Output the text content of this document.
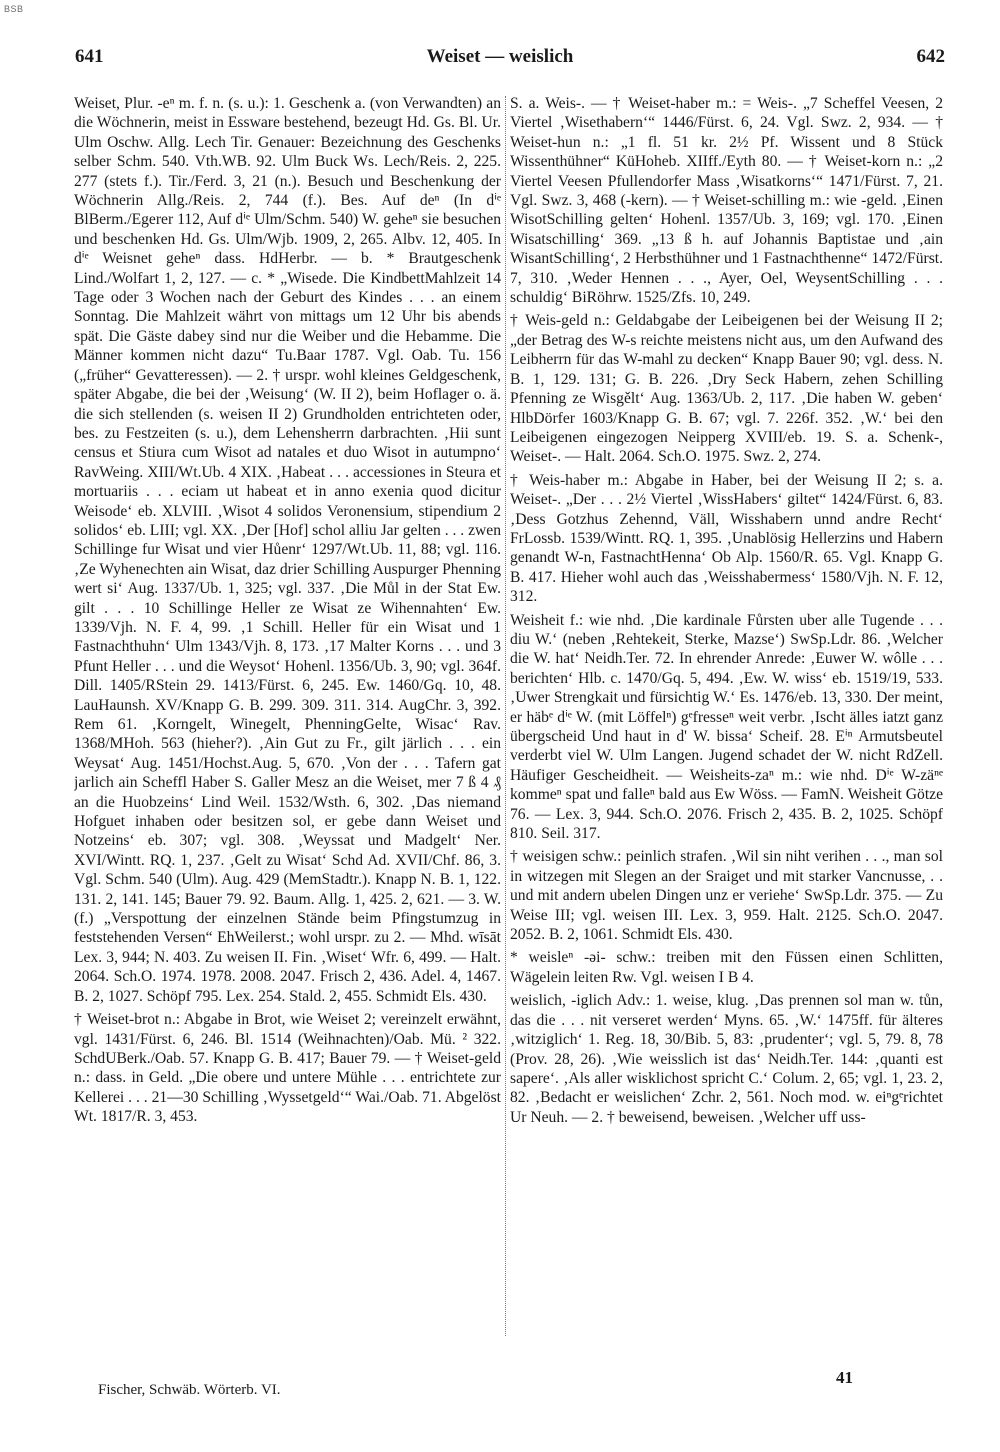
BSB
641	Weiset — weislich	642

Weiset, Plur. -eⁿ m. f. n. (s. u.): 1. Geschenk a. (von Verwandten) an die Wöchnerin, meist in Essware bestehend, bezeugt Hd. Gs. Bl. Ur. Ulm Oschw. Allg. Lech Tir. Genauer: Bezeichnung des Geschenks selber Schm. 540. Vth.WB. 92. Ulm Buck Ws. Lech/Reis. 2, 225. 277 (stets f.). Tir./Ferd. 3, 21 (n.). Besuch und Beschenkung der Wöchnerin Allg./Reis. 2, 744 (f.). Bes. Auf deⁿ (In dⁱᵉ BlBerm./Egerer 112, Auf dⁱᵉ Ulm/Schm. 540) W. geheⁿ sie besuchen und beschenken Hd. Gs. Ulm/Wjb. 1909, 2, 265. Albv. 12, 405. In dⁱᵉ Weisnet geheⁿ dass. HdHerbr. — b. * Brautgeschenk Lind./Wolfart 1, 2, 127. — c. * „Wisede. Die KindbettMahlzeit 14 Tage oder 3 Wochen nach der Geburt des Kindes . . . an einem Sonntag. Die Mahlzeit währt von mittags um 12 Uhr bis abends spät. Die Gäste dabey sind nur die Weiber und die Hebamme. Die Männer kommen nicht dazu“ Tu.Baar 1787. Vgl. Oab. Tu. 156 („früher“ Gevatteressen). — 2. † urspr. wohl kleines Geldgeschenk, später Abgabe, die bei der ‚Weisung‘ (W. II 2), beim Hoflager o. ä. die sich stellenden (s. weisen II 2) Grundholden entrichteten oder, bes. zu Festzeiten (s. u.), dem Lehensherrn darbrachten. ‚Hii sunt census et Stiura cum Wisot ad natales et duo Wisot in autumpno‘ RavWeing. XIII/Wt.Ub. 4 XIX. ‚Habeat . . . accessiones in Steura et mortuariis . . . eciam ut habeat et in anno exenia quod dicitur Weisode‘ eb. XLVIII. ‚Wisot 4 solidos Veronensium, stipendium 2 solidos‘ eb. LIII; vgl. XX. ‚Der [Hof] schol alliu Jar gelten . . . zwen Schillinge fur Wisat und vier Hůenr‘ 1297/Wt.Ub. 11, 88; vgl. 116. ‚Ze Wyhenechten ain Wisat, daz drier Schilling Auspurger Phenning wert si‘ Aug. 1337/Ub. 1, 325; vgl. 337. ‚Die Můl in der Stat Ew. gilt . . . 10 Schillinge Heller ze Wisat ze Wihennahten‘ Ew. 1339/Vjh. N. F. 4, 99. ‚1 Schill. Heller für ein Wisat und 1 Fastnachthuhn‘ Ulm 1343/Vjh. 8, 173. ‚17 Malter Korns . . . und 3 Pfunt Heller . . . und die Weysot‘ Hohenl. 1356/Ub. 3, 90; vgl. 364f. Dill. 1405/RStein 29. 1413/Fürst. 6, 245. Ew. 1460/Gq. 10, 48. LauHaunsh. XV/Knapp G. B. 299. 309. 311. 314. AugChr. 3, 392. Rem 61. ‚Korngelt, Winegelt, PhenningGelte, Wisac‘ Rav. 1368/MHoh. 563 (hieher?). ‚Ain Gut zu Fr., gilt järlich . . . ein Weysat‘ Aug. 1451/Hochst.Aug. 5, 670. ‚Von der . . . Tafern gat jarlich ain Scheffl Haber S. Galler Mesz an die Weiset, mer 7 ß 4 ₰ an die Huobzeins‘ Lind Weil. 1532/Wsth. 6, 302. ‚Das niemand Hofguet inhaben oder besitzen sol, er gebe dann Weiset und Notzeins‘ eb. 307; vgl. 308. ‚Weyssat und Madgelt‘ Ner. XVI/Wintt. RQ. 1, 237. ‚Gelt zu Wisat‘ Schd Ad. XVII/Chf. 86, 3. Vgl. Schm. 540 (Ulm). Aug. 429 (MemStadtr.). Knapp N. B. 1, 122. 131. 2, 141. 145; Bauer 79. 92. Baum. Allg. 1, 425. 2, 621. — 3. W. (f.) „Verspottung der einzelnen Stände beim Pfingstumzug in feststehenden Versen“ EhWeilerst.; wohl urspr. zu 2. — Mhd. wīsāt Lex. 3, 944; N. 403. Zu weisen II. Fin. ‚Wiset‘ Wfr. 6, 499. — Halt. 2064. Sch.O. 1974. 1978. 2008. 2047. Frisch 2, 436. Adel. 4, 1467. B. 2, 1027. Schöpf 795. Lex. 254. Stald. 2, 455. Schmidt Els. 430.

† Weiset-brot n.: Abgabe in Brot, wie Weiset 2; vereinzelt erwähnt, vgl. 1431/Fürst. 6, 246. Bl. 1514 (Weihnachten)/Oab. Mü. ² 322. SchdUBerk./Oab. 57. Knapp G. B. 417; Bauer 79. — † Weiset-geld n.: dass. in Geld. „Die obere und untere Mühle . . . entrichtete zur Kellerei . . . 21—30 Schilling ‚Wyssetgeld‘“ Wai./Oab. 71. Abgelöst Wt. 1817/R. 3, 453.

S. a. Weis-. — † Weiset-haber m.: = Weis-. „7 Scheffel Veesen, 2 Viertel ‚Wisethabern‘“ 1446/Fürst. 6, 24. Vgl. Swz. 2, 934. — † Weiset-hun n.: „1 fl. 51 kr. 2½ Pf. Wissent und 8 Stück Wissenthühner“ KüHoheb. XIIff./Eyth 80. — † Weiset-korn n.: „2 Viertel Veesen Pfullendorfer Mass ‚Wisatkorns‘“ 1471/Fürst. 7, 21. Vgl. Swz. 3, 468 (-kern). — † Weiset-schilling m.: wie -geld. ‚Einen WisotSchilling gelten‘ Hohenl. 1357/Ub. 3, 169; vgl. 170. ‚Einen Wisatschilling‘ 369. „13 ß h. auf Johannis Baptistae und ‚ain WisantSchilling‘, 2 Herbsthühner und 1 Fastnachthenne“ 1472/Fürst. 7, 310. ‚Weder Hennen . . ., Ayer, Oel, WeysentSchilling . . . schuldig‘ BiRöhrw. 1525/Zfs. 10, 249.

† Weis-geld n.: Geldabgabe der Leibeigenen bei der Weisung II 2; „der Betrag des W-s reichte meistens nicht aus, um den Aufwand des Leibherrn für das W-mahl zu decken“ Knapp Bauer 90; vgl. dess. N. B. 1, 129. 131; G. B. 226. ‚Dry Seck Habern, zehen Schilling Pfenning ze Wisgělt‘ Aug. 1363/Ub. 2, 117. ‚Die haben W. geben‘ HlbDörfer 1603/Knapp G. B. 67; vgl. 7. 226f. 352. ‚W.‘ bei den Leibeigenen eingezogen Neipperg XVIII/eb. 19. S. a. Schenk-, Weiset-. — Halt. 2064. Sch.O. 1975. Swz. 2, 274.

† Weis-haber m.: Abgabe in Haber, bei der Weisung II 2; s. a. Weiset-. „Der . . . 2½ Viertel ‚WissHabers‘ giltet“ 1424/Fürst. 6, 83. ‚Dess Gotzhus Zehennd, Väll, Wisshabern unnd andre Recht‘ FrLossb. 1539/Wintt. RQ. 1, 395. ‚Unablösig Hellerzins und Habern genandt W-n, FastnachtHenna‘ Ob Alp. 1560/R. 65. Vgl. Knapp G. B. 417. Hieher wohl auch das ‚Weisshabermess‘ 1580/Vjh. N. F. 12, 312.

Weisheit f.: wie nhd. ‚Die kardinale Fůrsten uber alle Tugende . . . diu W.‘ (neben ‚Rehtekeit, Sterke, Mazse‘) SwSp.Ldr. 86. ‚Welcher die W. hat‘ Neidh.Ter. 72. In ehrender Anrede: ‚Euwer W. wôlle . . . berichten‘ Hlb. c. 1470/Gq. 5, 494. ‚Ew. W. wiss‘ eb. 1519/19, 533. ‚Uwer Strengkait und fürsichtig W.‘ Es. 1476/eb. 13, 330. Der meint, er häbᵉ dⁱᵉ W. (mit Löffelⁿ) gᵉfresseⁿ weit verbr. ‚Ischt älles iatzt ganz übergscheid Und haut in d' W. bissa‘ Scheif. 28. Eⁱⁿ Armutsbeutel verderbt viel W. Ulm Langen. Jugend schadet der W. nicht RdZell. Häufiger Gescheidheit. — Weisheits-zaⁿ m.: wie nhd. Dⁱᵉ W-zäⁿᵉ kommeⁿ spat und falleⁿ bald aus Ew Wöss. — FamN. Weisheit Götze 76. — Lex. 3, 944. Sch.O. 2076. Frisch 2, 435. B. 2, 1025. Schöpf 810. Seil. 317.

† weisigen schw.: peinlich strafen. ‚Wil sin niht verihen . . ., man sol in witzegen mit Slegen an der Sraiget und mit starker Vancnusse, . . und mit andern ubelen Dingen unz er veriehe‘ SwSp.Ldr. 375. — Zu Weise III; vgl. weisen III. Lex. 3, 959. Halt. 2125. Sch.O. 2047. 2052. B. 2, 1061. Schmidt Els. 430.

* weisleⁿ -əi- schw.: treiben mit den Füssen einen Schlitten, Wägelein leiten Rw. Vgl. weisen I B 4.

weislich, -iglich Adv.: 1. weise, klug. ‚Das prennen sol man w. tůn, das die . . . nit verseret werden‘ Myns. 65. ‚W.‘ 1475ff. für älteres ‚witziglich‘ 1. Reg. 18, 30/Bib. 5, 83: ‚prudenter‘; vgl. 5, 79. 8, 78 (Prov. 28, 26). ‚Wie weisslich ist das‘ Neidh.Ter. 144: ‚quanti est sapere‘. ‚Als aller wisklichost spricht C.‘ Colum. 2, 65; vgl. 1, 23. 2, 82. ‚Bedacht er weislichen‘ Zchr. 2, 561. Noch mod. w. eiⁿgᵉrichtet Ur Neuh. — 2. † beweisend, beweisen. ‚Welcher uff uss-

Fischer, Schwäb. Wörterb. VI.
41
